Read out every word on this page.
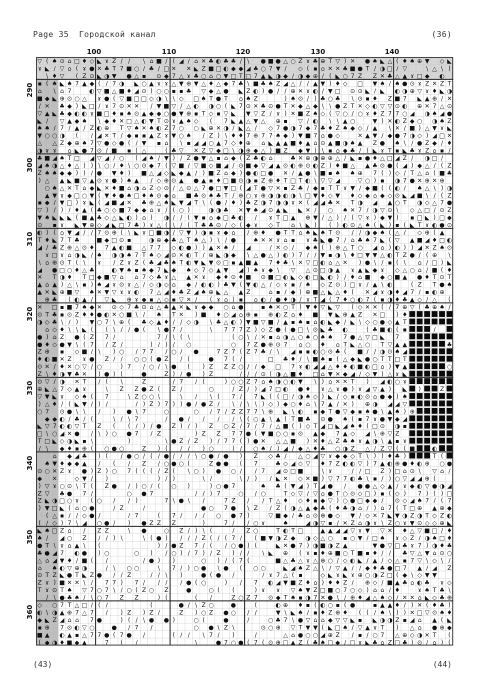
Page 35  Городской канал	(36)
100	110	120	130	140
290
300
310
320
330
340
350
360
▽ ( ♠ ⊙ ⌂ □ ♦ ◇ ◣ ɤ Z / / \ ⌂ ■ / ( ◢ ∕ ⌂ ✕ ♣ ◐ ♣ ♣ / \ ● ■ ● △ ○ Z ɤ ♣ ⊕ T ▽ ) ✕ ● ♠ ◣ △ ( ♦ ♠ ⊕ ▼ ◇ ◣
ɤ ◣ ∕ ▽ ⌂ ( ɤ ● ✕ ♣ T 7 ■ ○ ∕ ♣ / □ ✕ ✕ ◣ Z ■ □ ◐ ◆ ◆ ◢ ♣ ○ 7 ▼ / ◇ ( ▪ ⌂ ✕ ✕ ♣ ■ ● T / ◑ □ ∕ ▽	\ △ \ )
\ ♦ ▽ ( Z ⊙ ◣ ◑ ▼ ● △ ▪ ⊙ ◆ 7 △ ɤ ♣ ○ ⌂ ○ ▼ □ T □ 7 ▲ ◣ ◑ ◆ ∕ ◑ ◆ ⊕ ∕ ( ◣ ○ 7 Z Z ✕ ♣ △ ▲ ɤ □ ◆ ◐
▪ ( ♠ ◣ ♠ 7 ▲ ◆ ( ∕ 7 ◑ ◣ ○ ▲ ɤ ɤ △ ▼ ⊕ ▼ △ ♦ △ ◆ 7 ♣ \ ■ ♣ ♠ Z ◢ △ / ∕ ▲ ▼ ) ♦ ◇ □ ▼ ♠ ∕ ♠ ● ⊙ ɤ Z ✕ Z T
⌂ \ ⌂ 7	◐ ▽ ■ △ ■ ♦ ◢ ⊙ ) ○ ○ ▪ ▪ ♣ ▽ ◆ △ ● ◣ Z ◐ ) ● / / ⊕ ✕ ɤ ◐ / ▼ □ ⊙ ⊙ ◣ ∕ ◣ ◐ ◑ ⊕ ▽ ɤ ♦ ◣ ◑
■ ◆ ◣ ⊕ ⊙ ○ △ ɤ ● ( ▽ ■ □ □ ◇ ◑ \ \ ◇ □ ♠ T ● T ⌂ ♠ Z	) ♠ ⊙ / ) ♣ ○ ♣ \ ⊙ ▪ ♦ Z ■ 7 ◣ ▲ ⊕ ∕ ✕
/ ✕ ♣ ◆ ) ◣ □ / ɤ 7 ⊙ ✕ ✕ / ▼ ■ ▽ / △ ◐ ◑ ○ ( ◣ 7 ⊙ ✕ ♣ ⊙ ● T ✕ ◆ △ ◆ \ \ ● Z T ✕ ◇ ◐ ▽ ▽ ⊙ ◐ ⊕ ✕ 7 △ ⊙
▽ ▲ ◣ ♣ ◆ ◐ ◐ ɤ ■ □ ♦ ▪ ♠ ⊙ ▲ ◆ ◆ ○ ● ▼ ⊕ ▪ T ◇ ▪ ▽ ◣ ▼ ▽ Z ∕ ɤ ) ✕ ■ Z ♠ ◇ ( ▽ ○ / ○ ɤ ♦ Z 7 7 ○ ◢ ◑ ♠ ◢ ●
◣ ∕ ▽ ▲ ◆ ♠ \ ◆ ♦ ✕ □ △ ◐ ▼ T ⊙ ɤ ▲ ♠ ◇ ( 7 ◣ ▲ △ ▼ △ ⊕ ▪ ▽ / ◐ \ \ ▲ ○	▼ ) ✕ ◐ Z ◆ ○ ◑ ♠ Z
♠ ♠ ∕ 7 ∕ ▲ / Z ◐ ⊕ T ▽ ♠ ✕ ♠ ◐ Z 7 ○ ○ ◣ ⊕ ✕ ◑ ∕ ◣ △ / ◇ 7 ● ◑ 7 ◆ 7 ♣ ♦ Z ♠ ◆ ◇ / ▲ \ ✕ / ■ ) △ ▼ ɤ ◣
▼ ○ ○ ◑ ( ∕ ◢ ✕ T / ◆ ▪ ▪ ▲ Z ɤ ▼ ○ ♠ / Z ) \ ♦ ♦ 7 ⊕ 7 7 ♠ ◆ ) ▼ ■ 7 ⌂ ● ◇	✕ ▲ ▼ ∕ ◆ ● 7 ◑ ◇ ) ◢ □ ✕
△ △ Z ◆ ⊕ ♠ 7 ▽ ● ◇ ● ( ∕ ▼ ▪ ⌂ \ ▪ ◢ ◢ ○ ▲ 7 ◇ ♦ ⊕ ⌂ ◣ ▲ ▲ ■ ♦ ▲ ⌂ ⊙ ▲ ■ ◑ ♠ ▲ Z ● ♠ \ ∕ ● Z ◆ / ♦
◑ ɤ ɤ ⌂ ◣ ● 7 ⊙ ∕ ■ ▪ ( △	( ♣ ▽ ✕ Z ▽ ◆ □ \ ◑ ⊕ ◆ △ ) ■ Z ◆ ▼ ) \ ▪ ⌂ ◆ ♣ ∕ ( ◣ ɤ T ▪ ◣ ♣ ɤ Z ⌂ ▪ /
♣ ■ ◢ ♠ T □ ◢ ▽ ◢ ∕ ○ ( ◢ ♠ / ▼ ) / Z ● ▼ △ ▪ ⌂ ◆ ( Z ♣ ◐ ⌂	♣ ✕ ⊕ ◑ ⊕ ⊕ △ / ◣ ▪ ● ♦ △ □ ◢ Z / ◑ □ /
◢ ♠ ◑ △ ♦ △ ) ) \ ○ ∕ ♦ \ ○ ⊙ ◆ 7 ( ▽ ■ ∕ ▽ ■ ◇ ■ ◢ / ⊙ ■ ◆ ▽ ◢ ▲ ⊙ ◐ ⊕ ⊙ ◐ Z ) ♦ ■ △ ▲ ♣ ⊙ ● ( ◢ ) ◆ △ ∕ ( Z
Z ♠ ♠ ◆ ◆ ) ) ∕ ● ▼ ♦ ) ■ △ ◢ ◇ ◣ ◆ ▲ / ) ■ Z ⌂ ◆ ) ● ◐ □ ● ✕ ∕ ▲ ● \ ■ ▪ ♠ ♠ ⊕ 7 ( ) ◇ / T △ ⌂ ( ■ ♣
) △ ▲ ◣ ■ ▽ ▲ ⊙ ɤ ● ) ♠ ▲ / ◇ ⊕ ⊙ ▲ ● ▲ ▪ ♦ □ ■ ⊙ ◑ ▪ Z ⊕ ♦ T □ T ◐ \ ▽ ▽ ◢	▽ ○ ) ▪ ◑ 7 ● ✕ ⊕ ✕ ⊕
○ ♠ △ ✕ T ⌂ ◆ ◣ ✕ ♦ ■ ⌂ ◑ ⌂ Z ◇ ⊙ ∕ △ ⊙ △ 7 ● □ ▼ □ ( ◢ T ● ▽ ✕ ▪ Z ♣ / ◆ ▪ T T ɤ ▼ ∕ ◆ ■ ( ( ◐ ∕ ♠ △ \ ) ◑
▲ ▼ ɤ ◆ □ ○ ▼ ( ▼ ♦ ● ♠ □ ♦ ♠ ⊙ ◆ ⌂ ■ ♣ ⊙ ♠ ♣ T / ⊕ ○ ɤ ⊕ ◑ ◑ ◐ ◑ \ □ ▼ ♦ ◇ ▼ ♦ ◇ ◆ ⌂ ◆ ◇ ⊙ ◣ ◢ ■ \ / ( Z
▪ ◆ ∕ ▼ □ ) ɤ ◣ ( ◢ ■ ◢ ✕ ♣ ⊕ △ ♠ ◣ ▼ ◢ T \ ( ● / ♦ ) ♣ Z ◑ 7 ◑ ◑ ɤ ✕ ( ◢ ◢ ♣ ✕ T ◑ ◢ ▲ ○ T ◑ ◇ △ 7 ●
▽ ) / ) ∕ ♦ ▲ ( ♣ ○ ◇ ■ 7 ◆ ◆ ⌂ ɤ / ( ○ )	◑ ◑ ♣ ✕ ▼ ♠ ◢ ⊙ ▲ ◣ ◣ ✕ ∕ ○ ♠ ✕ 7 ∕ ◑ ▽ ⊙ \ ◇ △ □ / ⊙ Z
▼ ♠ ◣ ◣ ◣ ( ■ ▲ ♣ ◇ △ ◣ ◐ ) ⌂ ) ◑ / / ( ▼ ▪ ⌂ ◆ □ ♣ ◐ / ɤ T □ ▲ ⊕ ▼ ∕ △ ) / ( ▽ ɤ ) ◆ ▼ ) ▪ □ ◣ ) □ ◆
⊙ ▪ ɤ ◣ ▼ ⊕ ◇ ◢ ◣ □ 7 ♣ ) ɤ △ ( \ / ( T ♣ ♣ ⊙ ∕ ◇ ( ◆ ɤ ◇ T ⌂ \ ◣ ) ( ) ◐ ⊙ △ ♠ ( ◣ ) ▪ ( ◣ T ɤ ◐ ● ⊙
◐ ) ( ⌂ ▼ ◢ / ∕ 7 ⊙ ⊕ ( \ ◣ ɤ □ ■ ◑ / ▽ ▼ ) ◑ ▪ ɤ ◆ ⌂ ∕ ⊕ ♦ ● T T ⌂ ♠ ◣ ♠ T ⊙ / / ◑ ◆ ♠ ( △ ∕ ◇ ⊕ ( ▲
T ♦ ◣ 7 T ♣	■ ◆ □ ⊙ ▪	◑ ⊕ ◆ ♣ △ T ♠ △ ) \ / ●	♠ ✕ ✕ ɤ ⌂ ▪ ɤ ♣ ◣ ● 7 ∕ ⌂ ♣ ♠ 7 ◣ ( ▽ ▲ ■ ◢ ♦ □ ◐
◢ / ♣ Z ⊕ △ ⊙ ♦ 7 ▲ ◐ ■ △ 7 7 ◇ ◐ ● ) ) ▲ ✕ ♠ ∕ ◢	/ ✕ ◇ ∕ ◆ ♠ ( ) ⊕ △ T ○ ◢ ⌂ ) ◐ ) ) ◢ ✕ Z ♠ ⊙
ɤ □ ɤ ⌂ ◑ ◣ ∕ ♠ ◑ ◑ ♠ 7 T ♠ ◇ ◢ ⊙ ✕ ◐ T ∕ ⊕ ◣ ◑ ◆ \ △ ● △ ) ◐ ) 7 ∕ ∕ ▼ ▪ ◑ \ ♦ □ ▼ ▼ △ ◐ T Z ● / ( ⊕ \
\ ⌂ ⊕ ⊙ T ( \ ɤ / Z ɤ Z ( ♣ ◢ ♣ ♠ T ◐ ▼ ◣ ▼ ⊙ □ ▪ ▲ ■ ▲ 7 ♦ ♣ \ ✕ ▽ □ ◐ ⌂ △ ✕ ) ● \ / ▪ ( \ ⌂ ∕ □ ) ◣
◢ ● □ ○ ♦ △ ♣	◐ ▼ ♠ ▪ ♠ ◆ 7 ◣ ◆ ♠ ◇ 7 ◇ ▲ ▼ ◢ ) ♠ ɤ ◆ \ ▽ △ ⊙ □ ◑ ▲ ɤ ▲ ◣ ◆ ɤ ◇ △ ○ ⌂ / ■ ( ♦
✕ T ◑ ♦ T □ ◆ ■ ▽ ⌂ ⌂ 7 ◇ ♣ ɤ △ ▲ ✕ ɤ ◆ ♦ ⊙ ♦ ■ ⊙ ■ □ ◐ ◣ ◇ ◐ □ ◣ ◐ ) / ♦ ⌂ ■ ◆ ○ ■ ▲ ● ♦ T ⊙ T
▲ ⌂ ▲ ) △ \ ▪ ) ♠ ◢ ɤ ⊙ ɤ △ ∕ ◇ ◑ ◇ ⌂ ◆ / ◐ ◐ ) ♣ ▼ ( ▼ ◐ △ ∕ ◇ ɤ ▪ / ♠ ◇ Z ⊙ ) □ ɤ ∕ ▲ \ ◐	( Z T ● ♠
▲ ✕ ◣ ⊕ ■ ▽ ♠ ✕ ▼ ▽ ɤ ɤ ◐ 7 △ ◢ ♦ ♣ Z ◢ ♠ ⊕ ◣ △ ▲ Z	⌂ ▪ ∕ ◆ ) ⊕ ■ △ ◣ △ ♦ ( ✕ ◢ ɤ ◑ ♦ ◢ 7 ∕ ▪ ◐ ⊕
⊕ ♣ ( ◐ ▲ / ▽ ◣ ⊕ ɤ ◆ ▪ △ ◇ ▪ ▽ ✕ ∕ ( ɤ ⌂ ) ▪ ⌂ ◐ ∕ ● ♦ ◑ / ɤ T ◢ ( 7 ♦ ○ ◐ 7 ( ▪ ◑ ♦ ♣ ▲ ◇ / △ (
✕ □ ▪ ■ 7 ♠ ◆ ✕ ⊙ ◇ 7 ♣ ⊙ ⌂ △ ♣ ▲ ✕ ◣ ɤ ◆ ◆ ○ ⌂ ●	▪ ♠ ✕ ○ T ) ▼ ♦ ▽ ◣ ▽ ( ◇ ✕ ✕ ( ∕ 7 ⊕ ▽ ( ♣ ⊕ ♠ /
⊙ T ♣ ▪ ⊙ Z ♦ ♦ ● ◐ ✕ ○ ■ \ ∕ ♠ T ✕ ) ■ ♦ ○ ◢ ⌂ ⊕ ▪ ⊕ ◐ Z ⌂ ♦ ■ ▼ ◣ ⊕ ▲ Z ✕ □ ) ♦
◑ ◇ ♣ \ ∕ ) ▼ ○ 7 \ ⊕ ( ♣ ◇ ▲ ♦ / / ◇ ◑ \ ♣ △ ◐ ) ▼ ■ ▽ ■ / ▲ ▪ ♠ ▪ ⌂ ◐ ◣ ◆ / ◣ \ ◇ ○ ● ◇ ▲ T
⌂ ◇ ♦ \ \ ◣ ( ( \ ∕ ∕ ● ( \ ● 7 ∕	\ 7 7 7 Z ) ◇ Z ● ( ● □ \ ⊙ ◣ ♣ ◐	( ♣ ■ ◐ ( ▪	∕
● ) ⌂ Z ● ( Z 7 ∕	7 / \ ( \	( ○ \ / ✕ ▪ ⌂ ◑ △ ○ ♠ ○ ♠ ♠ 7 ● △ ▽ □ ◣ 7
● ♦ ◇ ● ▼ \ ( 7 / Z /	) ∕ ) / ○	○ 7 Z ● ⊕ ⊙ 7 ⌂ ○ ♦ ⌂ T ◣ △ ○ T ▽ ▲ ▲	♣
Z ⊕ ▪ ◇ ■ ∕ \ ) ○ ∕ 7 7 ∕ ○ ∕ ●	7 Z 7 ( Z 7 ♣ ∕ \ ◢ ▪ ▪ ◐ ○ ⊙ ♣ ( ■ ∕ / ◑ ⊙ ♠ ◢
♦ ◐ ■ ✕ Z ɤ ● Z ∕ ∕ ○ ○ ( ● Z / (	● 7 ( /	□ ♣ ♦ / \ ■ ♠ ▪ ( △ ◆ ◣ ● ○ T T □ T
⊙ ✕ / ♦ ✕ ○ ▽ / ○	) 7 / ○ ∕ \ ● ( ) Z Z Z ○ / ∕ ◆ □ 7 ɤ ◐ ◢ ◢ △ ♦ ♦ ◐ ■ ◐ □ ⌂ ) ▼ ▲	○
Z \ ♦ ◑ ▼ ♣ ✕ ) ● ) (	●	Z ) ∕ ● ) Z	∕ / / ⊙ ( ◑ △ ■ ♦ □ ⌂ ▼ ✕ ◆ ◢ ∕ ◇ ▼ ) △ ɤ ◣
⊙ ▽ ∕ ◑ ✕ T / ( \	Z	/ 7 ∕ (	) ○ ○ Z 7 ⌂ ♠ ◑ ○ ◐ ▼ \ ) ⌂ ✕ ✕ T ) ◢ ◐ ○ ɤ
⊕ ◣ △ 7 ◇ ▲ ɤ	\ Z Z ● Z ( Z /	○	/ Z / ) ◢ 7 □ ◐ ● ♦ ɤ △ ɤ ● ) ɤ ◢ ▽ ▲ ) ◣ )	Z
▽ ▼ ◣ ɤ ◇ ♠ ( 7	\ Z ○ ○ \	\ ∕ \ ( 7 ∕ 7 ◣ ( ( □ ∕ ◑ ♠ ◇ ) ◣ / ◇ ▪ ◐ ⊙ ⌂ ● ◆ ) ♠
) △ ♦ / ( ◣ ▼ ∕ ) /	∕ ) Z ) 7 ) ) ● ∕ ● Z ∕ \ / \ \ ) ◇ ) ◆ ○ ♦ ⌂ \ 7 ▲ / ✕ ) ⊕ ◑ ◢ ◢ ▽
○ 7 ⊙ ● \ \ / ) ● \ 7	○	○ ∕ 7 / Z Z 7 7 \ ⊕ ◣ \ ◐ ▪ ◆ T ● ▽ ◆ ▪ ♠ ● \ ▲ ♠ ) ⊕
◆ ◆ ◐ ∕ ♣ ∕ (	\ ∕ \ 7	∕ ● ∕ ∕ ∕ ∕ \ ( ○ ▲ \ ▲ ( T ■ ♣ ⊙ ● ♠ ( ▪ 7 ɤ ● ▼ ◆ ◢
◣ ▽ 7 ◐ ◐ ▽ T Z ( ( ∕ ) / ● Z ) ∕ ) Z ○ Z ∕ 7 ∕ 7 ∕ △ ■ ( ) ◇ T ◢ □ ◣ ◢ ♠ ♦ ( □ ⊙ ◑ ▪
□ \ ○ ◢ ✕ ● / \ ) ○ ● 7 ∕ Z	) Z Z 7 7 ● ( ▼ ■ ○ ○ ▪ ⊙ ▲ ◆ 7 ▲ ◇ ◢ \ ⊕ ▽ Z
T □ ◣ ◇ ◑ ◣ ▪ \	)	\ ● Z / Z ) ∕ 7 7 ( ) ● ✕ △ △ ■ ) ✕ ♦ △ Z ♣ ♠ ɤ ▲ ◑ \ ▲ ▪ ɤ
∕ \ ◆ ♦ ▪ ⊕ ( ○ ● ○	Z ) ( ∕ ∕ ) ○	) / ○ ♠ / ) ◢ / ◆ △ ♦ ♣ ○ ◑ Z △ / Z ▽ ( ( ■	◐
⌂ ◆ ◢ ♣ ) ( / ● ○ / ( ∕ ● / ∕ ∕ \ ○ ● ∕ ● ) Z ◇ ♣ / △ ○ ◢ ▽ ɤ ◆ ◆ ◇ T \ ) ) ♦ ♣ )	T (
♠ ▼ ♦ ◆ ◆ ▲ / ( / Z / ○ ● ○ (	Z ● ● ( 7	♣ ◇ ◢ ◇ ▽ ♦ 7 Z ◐ ◐ ▽ ) 7 ▲ ◐ ⊕ ● ♦ ◐ ⊕ ○ ●
⊙ ○ ✕ Z ɤ ● ) Z ) ○ 7 ( ( ( / Z ( \ ○ ) ● ○ ∕ ∕ 7 ◢ ⊙ □ ■	\ ɤ	/ ∕ □ Z ) □ ⌂ ⊙ \ ▽ ⌂ ∕
◆ ✕	◇ ▼ / )	) ∕ )	\ ∕	\ / ) ∕ ◣ ✕ ◇ ✕ ■ ) ▽ 7 7 ◐ ♣ \ ▪ / ) ○ ▽ ◢ ◢ ⊕ (
) ▽ ɤ ○ ⊙ \ T ( Z ● / ) ○ ∕ ( ○ )	) ○ ● 7	♠ ♣ ( ▼ ◢ ) T ◢ ● ∕ ● ● △ ◇ ▲ ∕ ɤ ◆ ◐ ▽ ● ◑ ◢
Z ▽ ♣ ● 7 /	○ ● 7	/ / ) 7	○ / ○	T ◇ ▽ ∕ ▽ ⌂ ● T ○ ⊙ ◇ □ ) ▪ ( ◇ ) 7 ) ( ) □
Z ◣ ◑ □ ○ ɤ ( ○ / / )	7 \ ● \ /	7 Z / / T △ ♦ ◇ ♦ ▪ ◆ ▽ ) ○ ● □ ◆ ◆ ∕ ⊙ ◇ ◢ ♠ 7 ∕ ( 7
) ▼ □ ◣ ( ⌂ ○ ●	/ Z	∕	● ○ 7 ● \ Z ∕ Z ( ◑ △ ▲ ◆ ♣ ( ♦ ♣ ◑ ⌂ ∕ ) ⌂ 7 ( T □ ⊕ ▲ ⊕ ◆
( △ ▪ ∕ / ◇ ● /	∕ 7	( 7 ∕ ∕ ∕ ○ ● 7 )	▽ ■ ◆ ∕ ♣ ⌂ ⊙ ⊕ ● ◇ ▼ / ◇ ✕ 7 ◣ ▼ ◑ Z ◑ T ◇ Z ◐
( ∕ ◇ ) 7 \ ◢ ○ ● / ) ● Z Z Z	)	7 ∕ / ○ ɤ	♠	◢ ◑ ▽ ▪ / ✕ Z ⌂ ◑ ɤ \ Z ○ ɤ ▼ ⊙ ◇ ◇ ⊕ ◣
◣ ♠ □ Z ⌂ / Z Z	\ ●	○ Z / ) \ (	∕ Z ○	T ◐ T □	▲ ▲ ◢ ◢ ▽ ɤ ▼ ▽ ✕ ♦ △ ▽ ■ □ / ♦
♠ / ◢ ○ Z ∕ / ) \	\ ( ● ) / / / Z ( / ( 7 ∕ ( ■ ▼ ◑ Z ◆ ◑ ◇ △ ○ ▪ ○ ▼ ∕ □ ♠ ɤ ◇ Z ∕ ◑ ♠ □ ♦
● T \ ɤ ⌂ ▲ \ (	) / ● Z 7 / ( / ○ ● ) (	◣ ✕ ● 7 ) ◑ ■ ◑ Z ▲	▼ ● ▽ □ ♣ ɤ 7 ) ◑ ♦ ♣
♣ ● ◢ 7 ◐ ● ) ○	○ ) / ○ ) / 7 ) / Z ) / ∕ \ ◣ ⊕ ( ɤ ▪ ♦ ⊕ ■ ○ T ■ ▪ ♦ / ∕ ♣ ▽ △ ▼ ⌂ ⊙ ○
△ ⌂ ◢ ▼ ♦ ∕ ■ ( /	/ ● ) )	○ ) / ( 7 (	■ △ ♣ △ ɤ △ ⊕ ○ / ◇ ◐ ◣ / ▲ / ◇ △ ▪ 7 ▽ \ ◇ \ ∕
⌂ ♠ ◐ ▽ ⊕ ◑	/ \ ○ ○	\ 7 ∕ ) ○ ● \ ● ( ○ ○	◣ ◢ ♠ Z △ \ ∕ ▽ ▲ ∕ ∕ ◆ ♦ ♣ ● □ 7 ▲ ∕ ◢ Z
⊙ T Z ◣ ● T ◣ Z ● ∕ ∕ Z	∕ / \ )	● ( ● /	∕ ɤ 7 △ ( ▪	◇ ◣ ɤ ◣ ɤ ⊕ ○ ◑ Z □ ( ◆ \ ◇ ▼ ▼
Z ɤ ) ■ ✕ ✕ \ ∕ 7 7 ) 7 / / ∕ ∕ ● ( ○	) / 7 ◐ ◢ ▼ ■ Z ♦ ⌂ ) ♦ ♦ Z ∕ ⊕ ◇ / ■ ▲ ♣ ⌂ ◐ ♣ ɤ ◇
T ɤ ⊙ T ♠ ▽ 7 ○ 7 \ ∕ ○ ( Z ○ Z	●	○ ( (	) ɤ ɤ ▽ ♠ ▼ Z □ ■ ○ 7 ○ ◇ ) ⌂ ⌂ ∕ ♦	ɤ ♠ T ♣ \
/ \ ● ♣ ♠ ∕ \ ○ 7 Z Z	) (	( /	Z ○ Z 7 ⊙ ◆ T ♠ ▪ ◑ 7 ✕ ● \ ∕ ⊕ ♦ ◢ △ ♠ ◇ ∕ ✕ ✕ ⌂ ◣ ◇ ♣ ⊕
◇ ○ 7 T △ □ ∕ ( ∕	(	● / \ Z ○	●	(	◐ ⊕ ♦ ▪ ( ◐ ○ ▪ ( ●	▪ ▲ ▲ ♦ ∕ ) ✕ ( ♦ ♣ )
◐ \ ◑ ▲ ⊕ 7 △ 7 ∕ ) Z ) Z ∕	Z ) ○ Z ● ○ / /	▼ \ ◣ ♠ ∕ ▪ ♦ Z ⊕ ♦ ( ( ∕ ♠ \ ) ) ✕ □ ▽ ⊙ ♠ ♦
◆ ◣ Z ◢ ⌂ ⌂ 7 ●	) ( / \ ● ● )	○ (	●	∕	○ ♣ 7 \ ● ▽ ⌂ ⌂ ◆ ▽ ▽ ◣ ▪ ◣ ◑ ◑ Z ▪ ◢ ⌂ ▲ ( ◣
▪ ⊕ 7 ⊙ ◐ ▽ ○	● / 7 /	○ ● \ Z \	⊙ ○ ⊕ ▽ T ▼ ▼ ( ◣ □ ♠ ∕ ▽ ▲ ɤ T ) △ ⌂ ● ⊕ ◆
■ ▲ ◐ ▲ ▪ △ 7 7 ● ( 7 ● /	( ∕ / \ 7 / )	/	△ ⌂ ● ○ ○ ◢ ⊕ Z / ▪ / ○ 7 △ ⊕ ◇ ◑ ✕ T (
( ◆ ◑ ♦ ■ ◆ ▲	7 ( ∕	\	● 7 ○ ● ( 7 ( ⊙ ⊕ □ ▲ Z ( ♣ ♠ □ ◆ / □ ɤ ◣ ♣ ⌂ Z □ ♣ ) ⊙ ∕ ⌂ ) (
(43)	(44)
